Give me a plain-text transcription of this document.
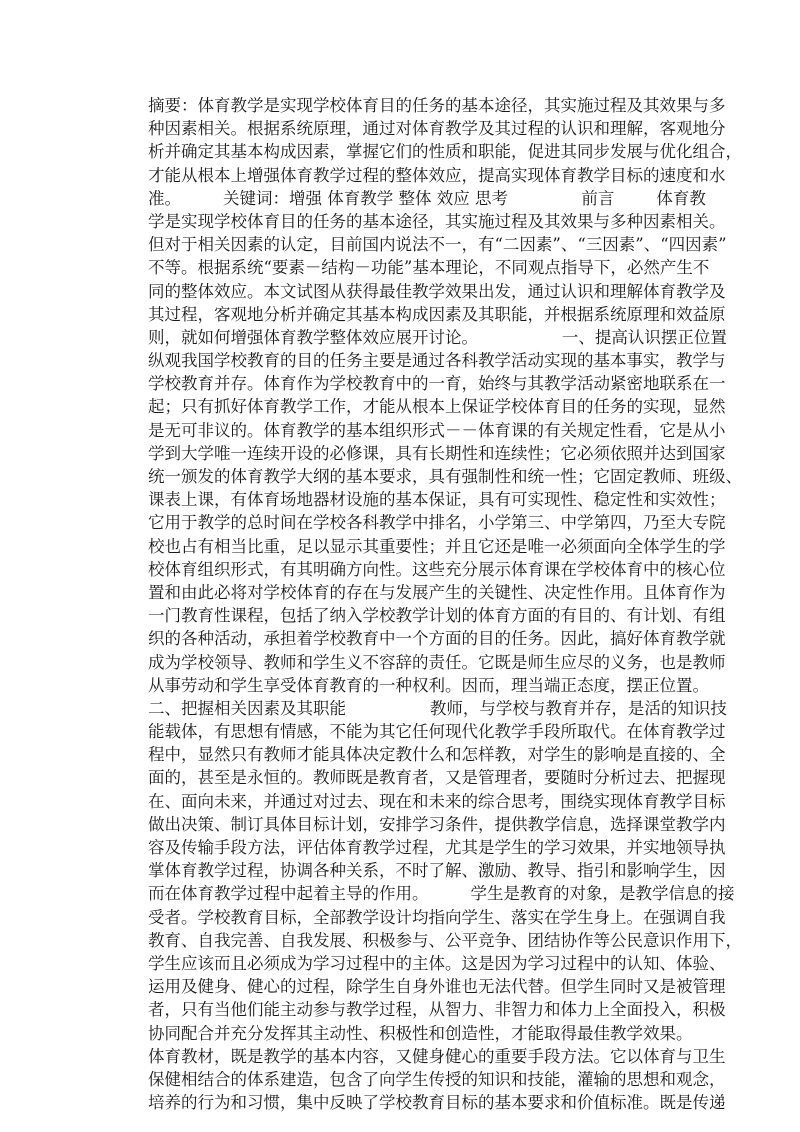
摘要：体育教学是实现学校体育目的任务的基本途径，其实施过程及其效果与多
种因素相关。根据系统原理，通过对体育教学及其过程的认识和理解，客观地分
析并确定其基本构成因素，掌握它们的性质和职能，促进其同步发展与优化组合，
才能从根本上增强体育教学过程的整体效应，提高实现体育教学目标的速度和水
准。        关键词：增强 体育教学 整体 效应 思考              前言        体育教
学是实现学校体育目的任务的基本途径，其实施过程及其效果与多种因素相关。
但对于相关因素的认定，目前国内说法不一，有“二因素”、“三因素”、“四因素”
不等。根据系统“要素－结构－功能”基本理论，不同观点指导下，必然产生不
同的整体效应。本文试图从获得最佳教学效果出发，通过认识和理解体育教学及
其过程，客观地分析并确定其基本构成因素及其职能，并根据系统原理和效益原
则，就如何增强体育教学整体效应展开讨论。                一、提高认识摆正位置
纵观我国学校教育的目的任务主要是通过各科教学活动实现的基本事实，教学与
学校教育并存。体育作为学校教育中的一育，始终与其教学活动紧密地联系在一
起；只有抓好体育教学工作，才能从根本上保证学校体育目的任务的实现，显然
是无可非议的。体育教学的基本组织形式－－体育课的有关规定性看，它是从小
学到大学唯一连续开设的必修课，具有长期性和连续性；它必须依照并达到国家
统一颁发的体育教学大纲的基本要求，具有强制性和统一性；它固定教师、班级、
课表上课，有体育场地器材设施的基本保证，具有可实现性、稳定性和实效性；
它用于教学的总时间在学校各科教学中排名，小学第三、中学第四，乃至大专院
校也占有相当比重，足以显示其重要性；并且它还是唯一必须面向全体学生的学
校体育组织形式，有其明确方向性。这些充分展示体育课在学校体育中的核心位
置和由此必将对学校体育的存在与发展产生的关键性、决定性作用。且体育作为
一门教育性课程，包括了纳入学校教学计划的体育方面的有目的、有计划、有组
织的各种活动，承担着学校教育中一个方面的目的任务。因此，搞好体育教学就
成为学校领导、教师和学生义不容辞的责任。它既是师生应尽的义务，也是教师
从事劳动和学生享受体育教育的一种权利。因而，理当端正态度，摆正位置。
二、把握相关因素及其职能                教师，与学校与教育并存，是活的知识技
能载体，有思想有情感，不能为其它任何现代化教学手段所取代。在体育教学过
程中，显然只有教师才能具体决定教什么和怎样教，对学生的影响是直接的、全
面的，甚至是永恒的。教师既是教育者，又是管理者，要随时分析过去、把握现
在、面向未来，并通过对过去、现在和未来的综合思考，围绕实现体育教学目标
做出决策、制订具体目标计划，安排学习条件，提供教学信息，选择课堂教学内
容及传输手段方法，评估体育教学过程，尤其是学生的学习效果，并实地领导执
掌体育教学过程，协调各种关系，不时了解、激励、教导、指引和影响学生，因
而在体育教学过程中起着主导的作用。        学生是教育的对象，是教学信息的接
受者。学校教育目标，全部教学设计均指向学生、落实在学生身上。在强调自我
教育、自我完善、自我发展、积极参与、公平竞争、团结协作等公民意识作用下，
学生应该而且必须成为学习过程中的主体。这是因为学习过程中的认知、体验、
运用及健身、健心的过程，除学生自身外谁也无法代替。但学生同时又是被管理
者，只有当他们能主动参与教学过程，从智力、非智力和体力上全面投入，积极
协同配合并充分发挥其主动性、积极性和创造性，才能取得最佳教学效果。
体育教材，既是教学的基本内容，又健身健心的重要手段方法。它以体育与卫生
保健相结合的体系建造，包含了向学生传授的知识和技能，灌输的思想和观念，
培养的行为和习惯，集中反映了学校教育目标的基本要求和价值标准。既是传递
